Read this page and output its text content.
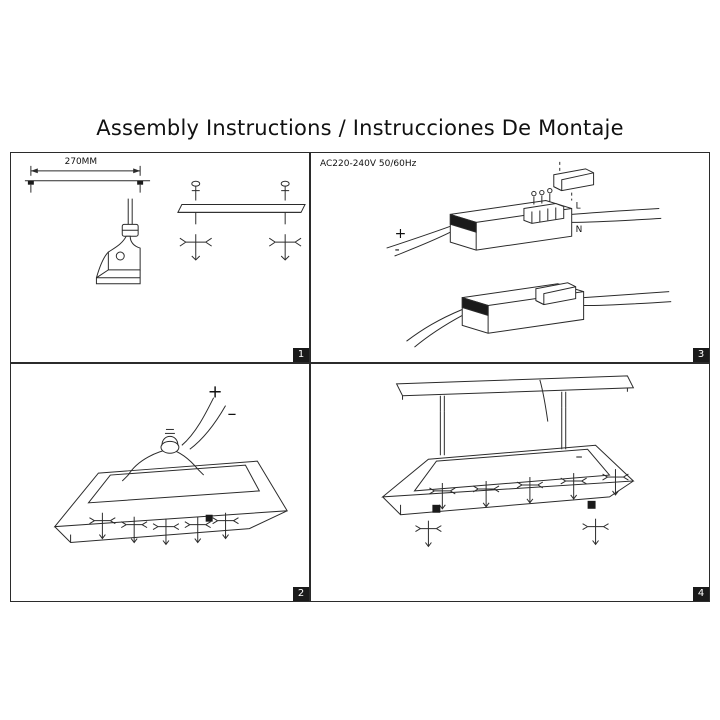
Assembly Instructions / Instrucciones De Montaje
270MM
1
Driver
Driver
L
N
+
-
AC220-240V 50/60Hz
3
+
–
2
–
4
